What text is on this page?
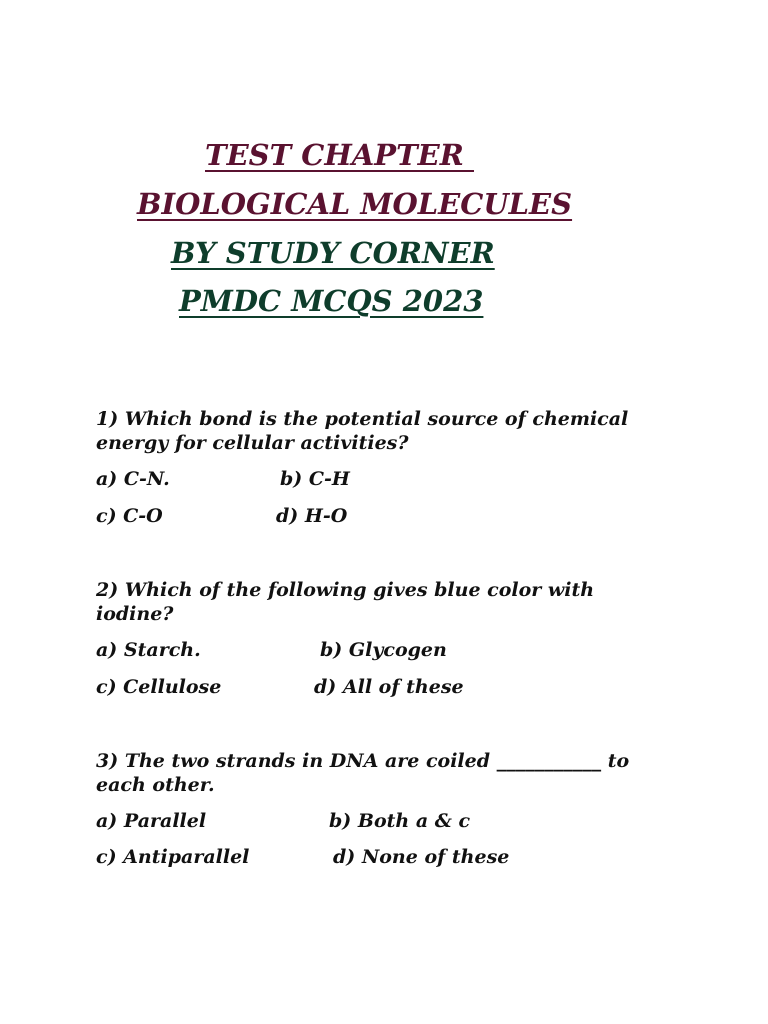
TEST CHAPTER
BIOLOGICAL MOLECULES
BY STUDY CORNER
PMDC MCQS 2023

1) Which bond is the potential source of chemical energy for cellular activities?

a) C-N.	b) C-H

c) C-O	d) H-O

2) Which of the following gives blue color with iodine?

a) Starch.	b) Glycogen

c) Cellulose	d) All of these

3) The two strands in DNA are coiled ___________ to each other.

a) Parallel	b) Both a & c

c) Antiparallel	d) None of these
